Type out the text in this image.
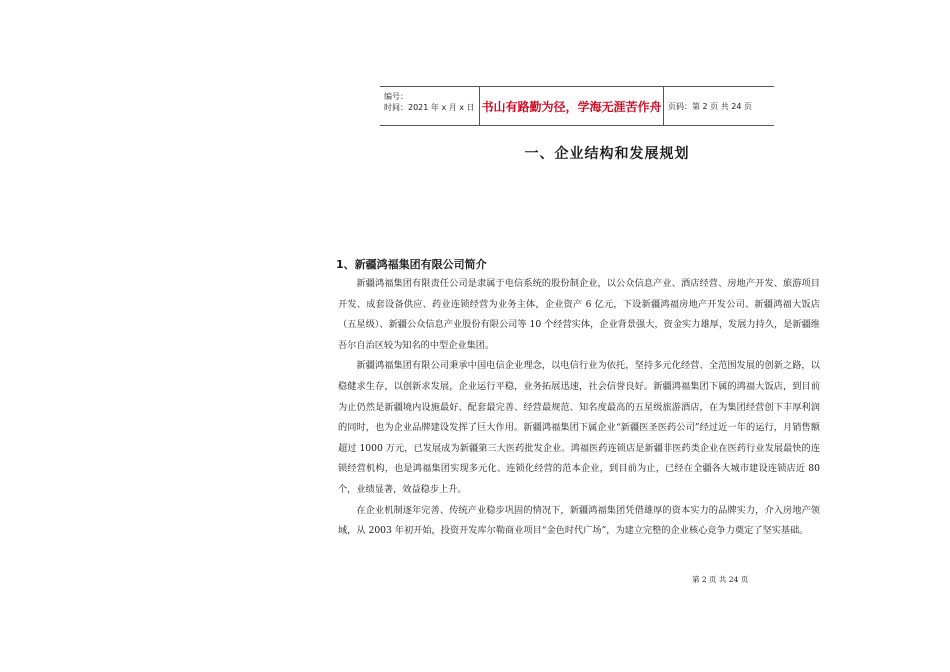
编号：
时间：2021 年 x 月 x 日 书山有路勤为径，学海无涯苦作舟 页码：第 2 页 共 24 页
一、企业结构和发展规划
1、新疆鸿福集团有限公司简介

新疆鸿福集团有限责任公司是隶属于电信系统的股份制企业，以公众信息产业、酒店经营、房地产开发、旅游项目开发、成套设备供应、药业连锁经营为业务主体，企业资产 6 亿元，下设新疆鸿福房地产开发公司、新疆鸿福大饭店（五星级）、新疆公众信息产业股份有限公司等 10 个经营实体，企业背景强大，资金实力雄厚，发展力持久，是新疆维吾尔自治区较为知名的中型企业集团。

新疆鸿福集团有限公司秉承中国电信企业理念，以电信行业为依托，坚持多元化经营、全范围发展的创新之路，以稳健求生存，以创新求发展，企业运行平稳，业务拓展迅速，社会信誉良好。新疆鸿福集团下属的鸿福大饭店，到目前为止仍然是新疆境内设施最好、配套最完善、经营最规范、知名度最高的五星级旅游酒店，在为集团经营创下丰厚利润的同时，也为企业品牌建设发挥了巨大作用。新疆鸿福集团下属企业“新疆医圣医药公司”经过近一年的运行，月销售额超过 1000 万元，已发展成为新疆第三大医药批发企业。鸿福医药连锁店是新疆非医药类企业在医药行业发展最快的连锁经营机构，也是鸿福集团实现多元化、连锁化经营的范本企业，到目前为止，已经在全疆各大城市建设连锁店近 80 个，业绩显著，效益稳步上升。

在企业机制逐年完善、传统产业稳步巩固的情况下，新疆鸿福集团凭借雄厚的资本实力的品牌实力，介入房地产领域，从 2003 年初开始，投资开发库尔勒商业项目“金色时代广场”，为建立完整的企业核心竞争力奠定了坚实基础。

第 2 页 共 24 页
